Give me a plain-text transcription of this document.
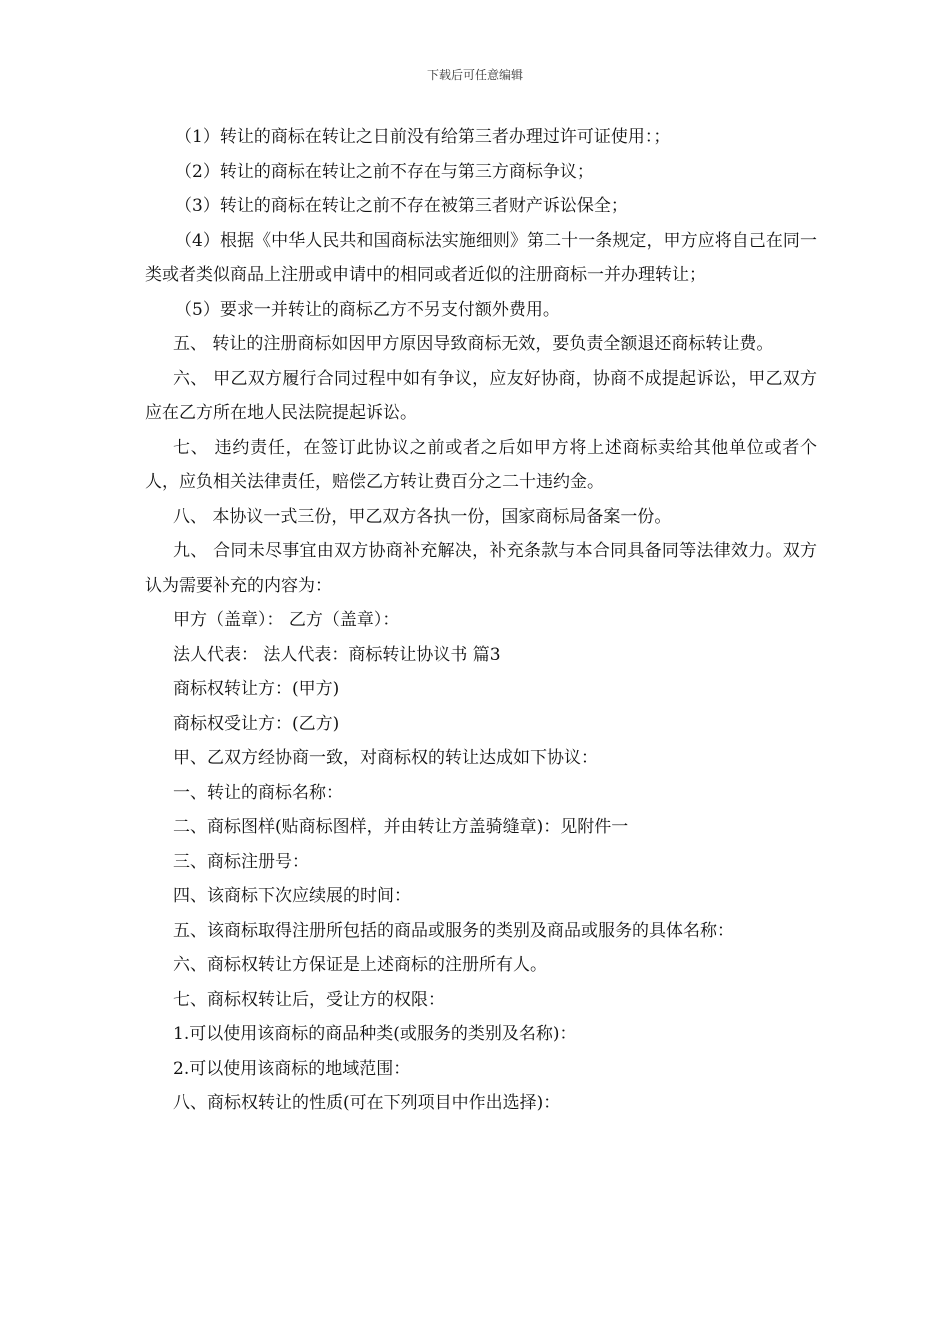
下载后可任意编辑

（1）转让的商标在转让之日前没有给第三者办理过许可证使用：；

（2）转让的商标在转让之前不存在与第三方商标争议；

（3）转让的商标在转让之前不存在被第三者财产诉讼保全；

（4）根据《中华人民共和国商标法实施细则》第二十一条规定，甲方应将自己在同一类或者类似商品上注册或申请中的相同或者近似的注册商标一并办理转让；

（5）要求一并转让的商标乙方不另支付额外费用。

五、 转让的注册商标如因甲方原因导致商标无效，要负责全额退还商标转让费。

六、 甲乙双方履行合同过程中如有争议，应友好协商，协商不成提起诉讼，甲乙双方应在乙方所在地人民法院提起诉讼。

七、 违约责任，在签订此协议之前或者之后如甲方将上述商标卖给其他单位或者个人，应负相关法律责任，赔偿乙方转让费百分之二十违约金。

八、 本协议一式三份，甲乙双方各执一份，国家商标局备案一份。

九、 合同未尽事宜由双方协商补充解决，补充条款与本合同具备同等法律效力。双方认为需要补充的内容为：

甲方（盖章）： 乙方（盖章）：

法人代表： 法人代表：商标转让协议书 篇3

商标权转让方：(甲方)

商标权受让方：(乙方)

甲、乙双方经协商一致，对商标权的转让达成如下协议：

一、转让的商标名称：

二、商标图样(贴商标图样，并由转让方盖骑缝章)：见附件一

三、商标注册号：

四、该商标下次应续展的时间：

五、该商标取得注册所包括的商品或服务的类别及商品或服务的具体名称：

六、商标权转让方保证是上述商标的注册所有人。

七、商标权转让后，受让方的权限：

1.可以使用该商标的商品种类(或服务的类别及名称)：

2.可以使用该商标的地域范围：

八、商标权转让的性质(可在下列项目中作出选择)：
